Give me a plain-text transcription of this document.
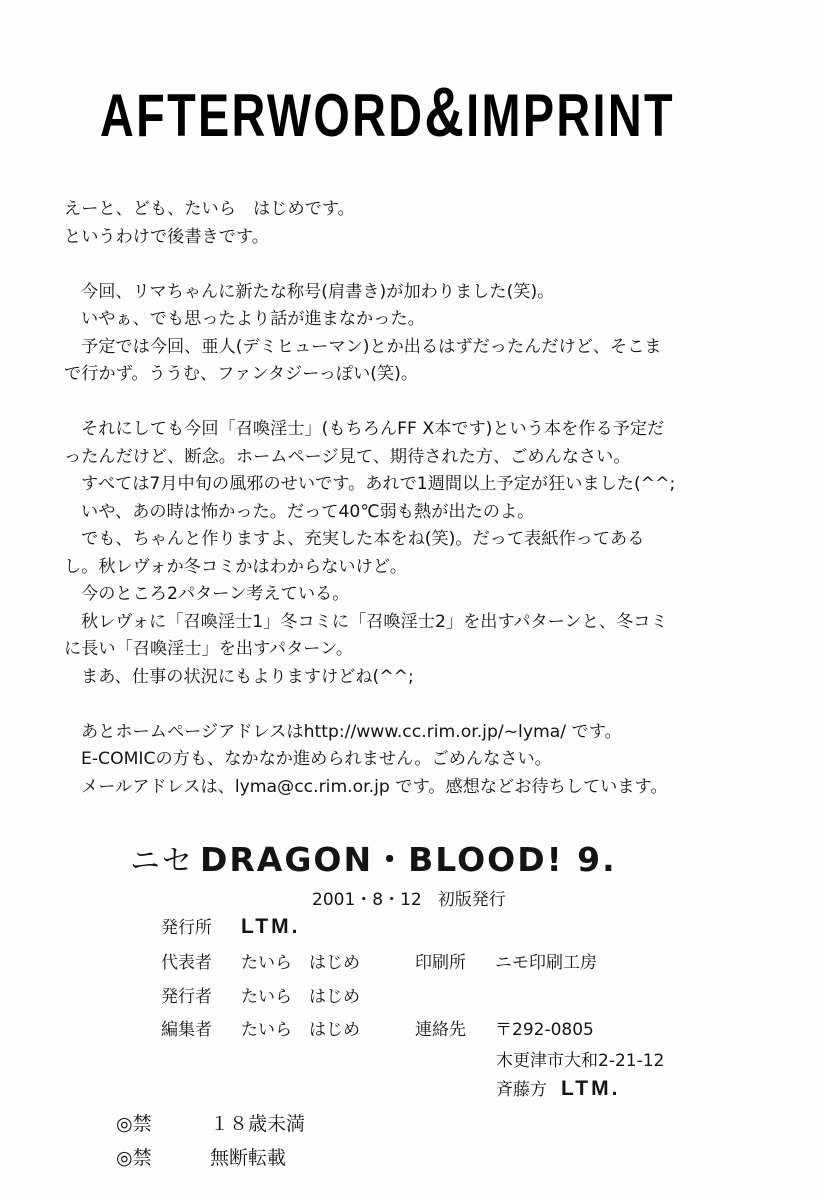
AFTERWORD&IMPRINT

えーと、ども、たいら　はじめです。

というわけで後書きです。

今回、リマちゃんに新たな称号(肩書き)が加わりました(笑)。

いやぁ、でも思ったより話が進まなかった。

予定では今回、亜人(デミヒューマン)とか出るはずだったんだけど、そこま

で行かず。ううむ、ファンタジーっぽい(笑)。

それにしても今回「召喚淫士」(もちろんFF X本です)という本を作る予定だ

ったんだけど、断念。ホームページ見て、期待された方、ごめんなさい。

すべては7月中旬の風邪のせいです。あれで1週間以上予定が狂いました(^^;

いや、あの時は怖かった。だって40℃弱も熱が出たのよ。

でも、ちゃんと作りますよ、充実した本をね(笑)。だって表紙作ってある

し。秋レヴォか冬コミかはわからないけど。

今のところ2パターン考えている。

秋レヴォに「召喚淫士1」冬コミに「召喚淫士2」を出すパターンと、冬コミ

に長い「召喚淫士」を出すパターン。

まあ、仕事の状況にもよりますけどね(^^;

あとホームページアドレスはhttp://www.cc.rim.or.jp/~lyma/ です。

E-COMICの方も、なかなか進められません。ごめんなさい。

メールアドレスは、lyma@cc.rim.or.jp です。感想などお待ちしています。

ニセ DRAGON・BLOOD! 9.
2001・8・12 初版発行
発行所 LTM.
代表者 たいら　はじめ	印刷所 ニモ印刷工房
発行者 たいら　はじめ
編集者 たいら　はじめ	連絡先 〒292-0805
木更津市大和2-21-12
斉藤方 LTM.
◎禁	１８歳未満
◎禁	無断転載
